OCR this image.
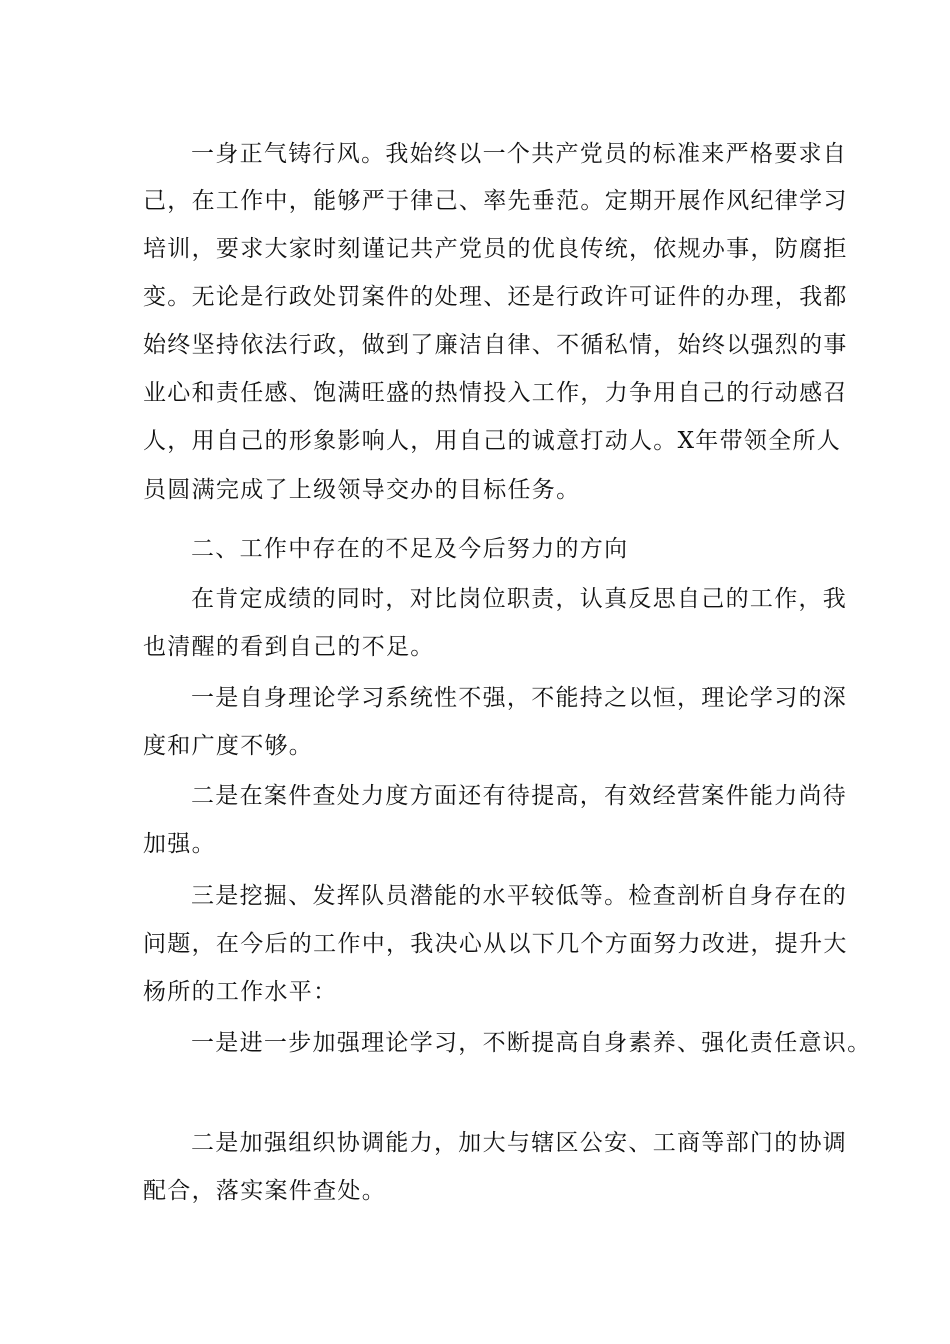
一身正气铸行风。我始终以一个共产党员的标准来严格要求自
己，在工作中，能够严于律己、率先垂范。定期开展作风纪律学习
培训，要求大家时刻谨记共产党员的优良传统，依规办事，防腐拒
变。无论是行政处罚案件的处理、还是行政许可证件的办理，我都
始终坚持依法行政，做到了廉洁自律、不循私情，始终以强烈的事
业心和责任感、饱满旺盛的热情投入工作，力争用自己的行动感召
人，用自己的形象影响人，用自己的诚意打动人。X年带领全所人
员圆满完成了上级领导交办的目标任务。
二、工作中存在的不足及今后努力的方向
在肯定成绩的同时，对比岗位职责，认真反思自己的工作，我
也清醒的看到自己的不足。
一是自身理论学习系统性不强，不能持之以恒，理论学习的深
度和广度不够。
二是在案件查处力度方面还有待提高，有效经营案件能力尚待
加强。
三是挖掘、发挥队员潜能的水平较低等。检查剖析自身存在的
问题，在今后的工作中，我决心从以下几个方面努力改进，提升大
杨所的工作水平：
一是进一步加强理论学习，不断提高自身素养、强化责任意识。
二是加强组织协调能力，加大与辖区公安、工商等部门的协调
配合，落实案件查处。
